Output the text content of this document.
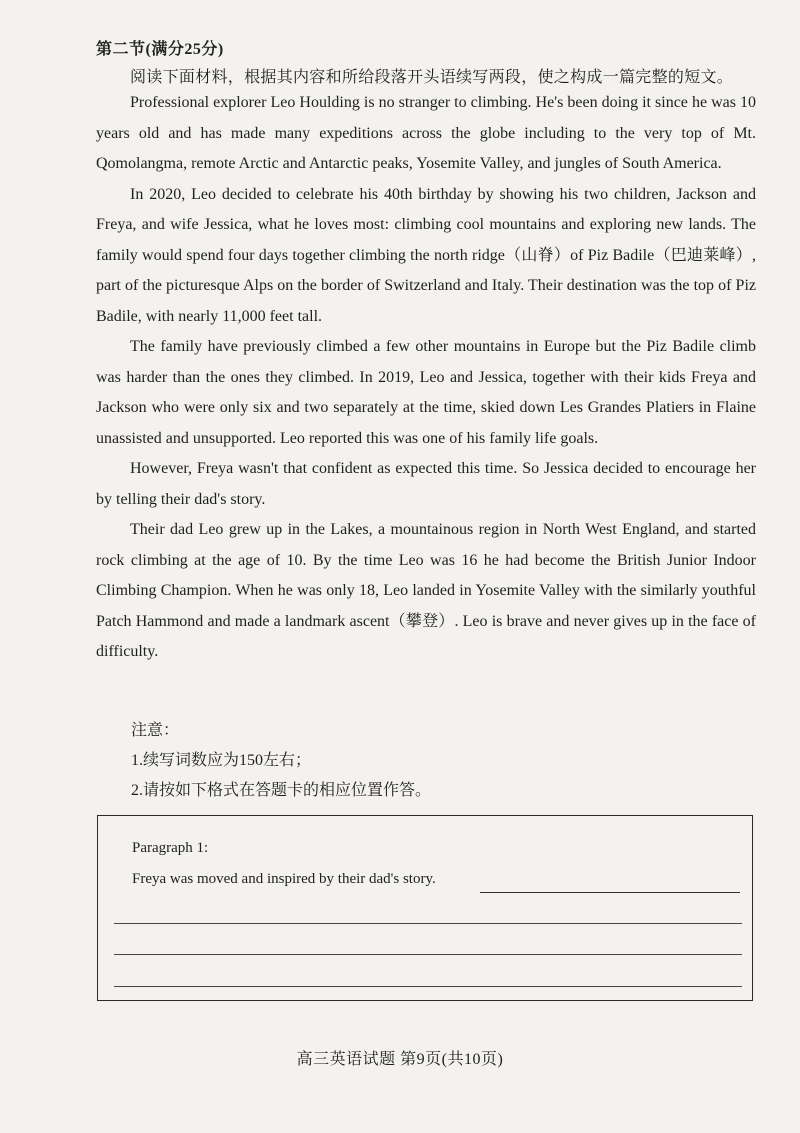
第二节(满分25分)
阅读下面材料，根据其内容和所给段落开头语续写两段，使之构成一篇完整的短文。

Professional explorer Leo Houlding is no stranger to climbing. He's been doing it since he was 10 years old and has made many expeditions across the globe including to the very top of Mt. Qomolangma, remote Arctic and Antarctic peaks, Yosemite Valley, and jungles of South America.

In 2020, Leo decided to celebrate his 40th birthday by showing his two children, Jackson and Freya, and wife Jessica, what he loves most: climbing cool mountains and exploring new lands. The family would spend four days together climbing the north ridge（山脊）of Piz Badile（巴迪莱峰）, part of the picturesque Alps on the border of Switzerland and Italy. Their destination was the top of Piz Badile, with nearly 11,000 feet tall.

The family have previously climbed a few other mountains in Europe but the Piz Badile climb was harder than the ones they climbed. In 2019, Leo and Jessica, together with their kids Freya and Jackson who were only six and two separately at the time, skied down Les Grandes Platiers in Flaine unassisted and unsupported. Leo reported this was one of his family life goals.

However, Freya wasn't that confident as expected this time. So Jessica decided to encourage her by telling their dad's story.

Their dad Leo grew up in the Lakes, a mountainous region in North West England, and started rock climbing at the age of 10. By the time Leo was 16 he had become the British Junior Indoor Climbing Champion. When he was only 18, Leo landed in Yosemite Valley with the similarly youthful Patch Hammond and made a landmark ascent（攀登）. Leo is brave and never gives up in the face of difficulty.

注意：
1.续写词数应为150左右；
2.请按如下格式在答题卡的相应位置作答。
Paragraph 1:
Freya was moved and inspired by their dad's story.
高三英语试题 第9页(共10页)
